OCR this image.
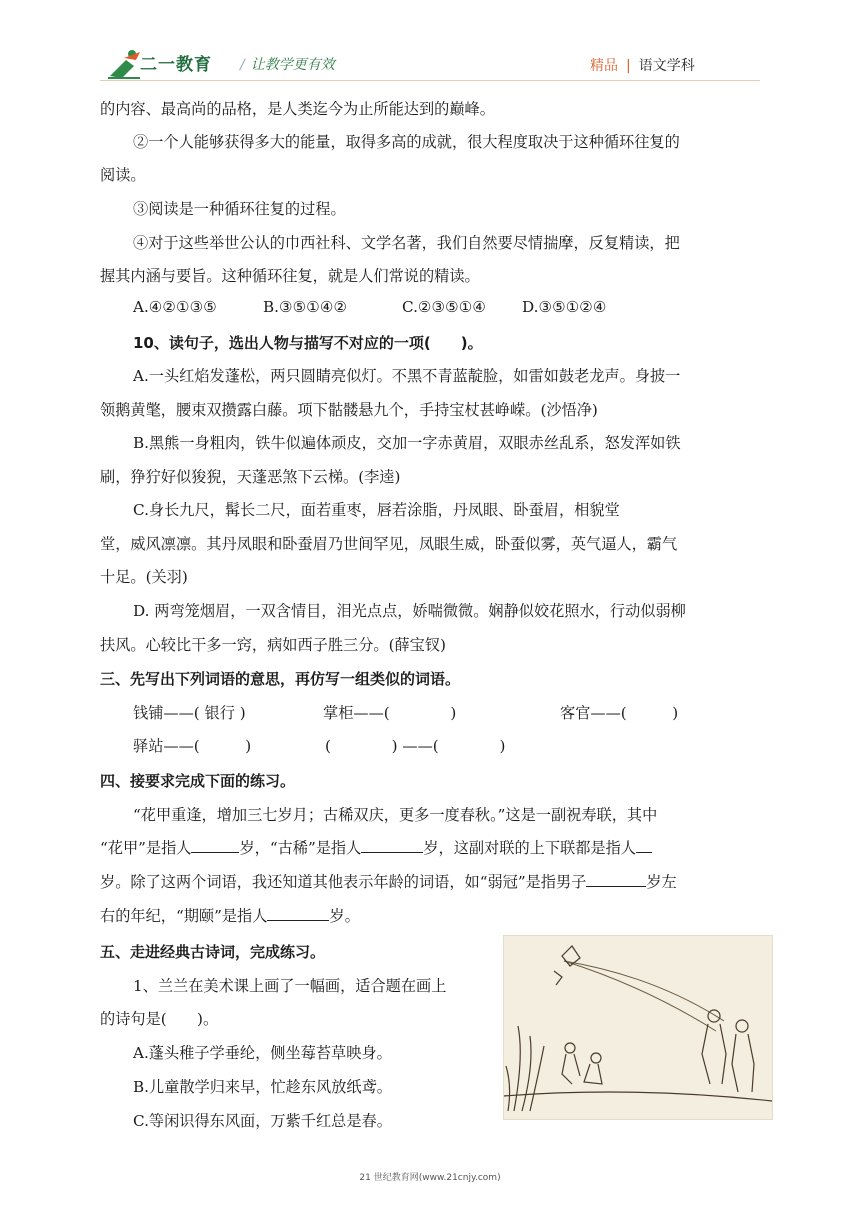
二一教育 / 让教学更有效	精品 | 语文学科
的内容、最高尚的品格，是人类迄今为止所能达到的巅峰。
②一个人能够获得多大的能量，取得多高的成就，很大程度取决于这种循环往复的
阅读。
③阅读是一种循环往复的过程。
④对于这些举世公认的巾西社科、文学名著，我们自然要尽情揣摩，反复精读，把
握其内涵与要旨。这种循环往复，就是人们常说的精读。
A.④②①③⑤	B.③⑤①④②	C.②③⑤①④ D.③⑤①②④
10、读句子，选出人物与描写不对应的一项(　　)。
A.一头红焰发蓬松，两只圆睛亮似灯。不黑不青蓝靛脸，如雷如鼓老龙声。身披一
领鹅黄氅，腰束双攒露白藤。项下骷髅悬九个，手持宝杖甚峥嵘。(沙悟净)
B.黑熊一身粗肉，铁牛似遍体顽皮，交加一字赤黄眉，双眼赤丝乱系，怒发浑如铁
刷，狰狞好似狻猊，天蓬恶煞下云梯。(李逵)
C.身长九尺，髯长二尺，面若重枣，唇若涂脂，丹凤眼、卧蚕眉，相貌堂
堂，威风凛凛。其丹凤眼和卧蚕眉乃世间罕见，凤眼生威，卧蚕似雾，英气逼人，霸气
十足。(关羽)
D. 两弯笼烟眉，一双含情目，泪光点点，娇喘微微。娴静似姣花照水，行动似弱柳
扶风。心较比干多一窍，病如西子胜三分。(薛宝钗)
三、先写出下列词语的意思，再仿写一组类似的词语。
钱铺——( 银行 )	掌柜——(　　　　)	客官——(　　　)
驿站——(　　　)	(　　　　) ——(　　　　)
四、接要求完成下面的练习。
“花甲重逢，增加三七岁月；古稀双庆，更多一度春秋。”这是一副祝寿联，其中
“花甲”是指人	岁，“古稀”是指人	岁，这副对联的上下联都是指人
岁。除了这两个词语，我还知道其他表示年龄的词语，如“弱冠”是指男子	岁左
右的年纪，“期颐”是指人	岁。
五、走进经典古诗词，完成练习。
1、兰兰在美术课上画了一幅画，适合题在画上
的诗句是(　　)。
A.蓬头稚子学垂纶，侧坐莓苔草映身。
B.儿童散学归来早，忙趁东风放纸鸢。
C.等闲识得东风面，万紫千红总是春。
21 世纪教育网(www.21cnjy.com)
